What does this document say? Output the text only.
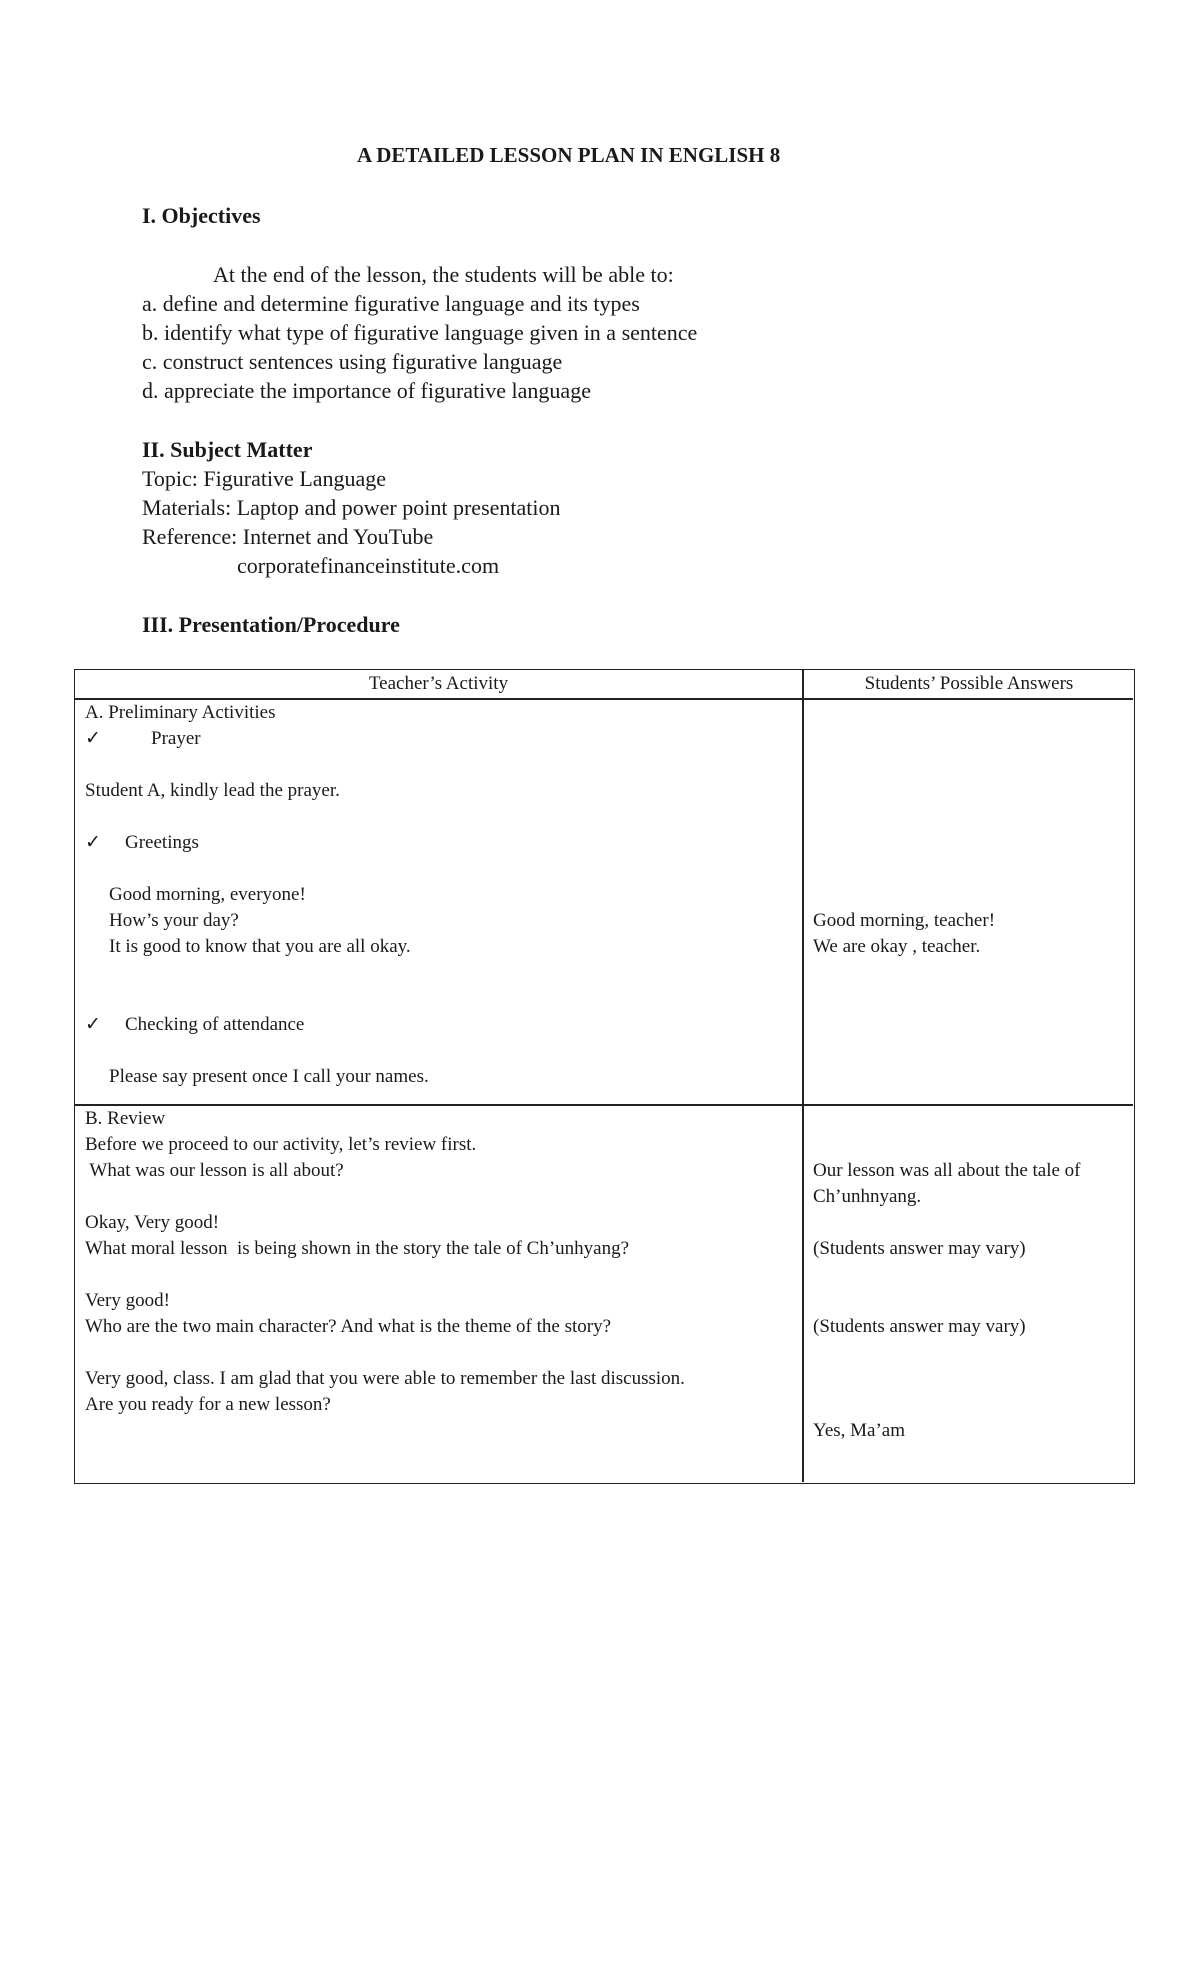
A DETAILED LESSON PLAN IN ENGLISH 8
I. Objectives
At the end of the lesson, the students will be able to:
a. define and determine figurative language and its types
b. identify what type of figurative language given in a sentence
c. construct sentences using figurative language
d. appreciate the importance of figurative language
II. Subject Matter
Topic: Figurative Language
Materials: Laptop and power point presentation
Reference: Internet and YouTube
corporatefinanceinstitute.com
III. Presentation/Procedure
Teacher’s Activity	Students’ Possible Answers
A. Preliminary Activities
✓	Prayer
Student A, kindly lead the prayer.
✓ Greetings
Good morning, everyone!
How’s your day?
It is good to know that you are all okay.
✓ Checking of attendance
Please say present once I call your names.
Good morning, teacher!
We are okay , teacher.
B. Review
Before we proceed to our activity, let’s review first.
What was our lesson is all about?
Okay, Very good!
What moral lesson  is being shown in the story the tale of Ch’unhyang?
Very good!
Who are the two main character? And what is the theme of the story?
Very good, class. I am glad that you were able to remember the last discussion.
Are you ready for a new lesson?
Our lesson was all about the tale of
Ch’unhnyang.
(Students answer may vary)
(Students answer may vary)
Yes, Ma’am
